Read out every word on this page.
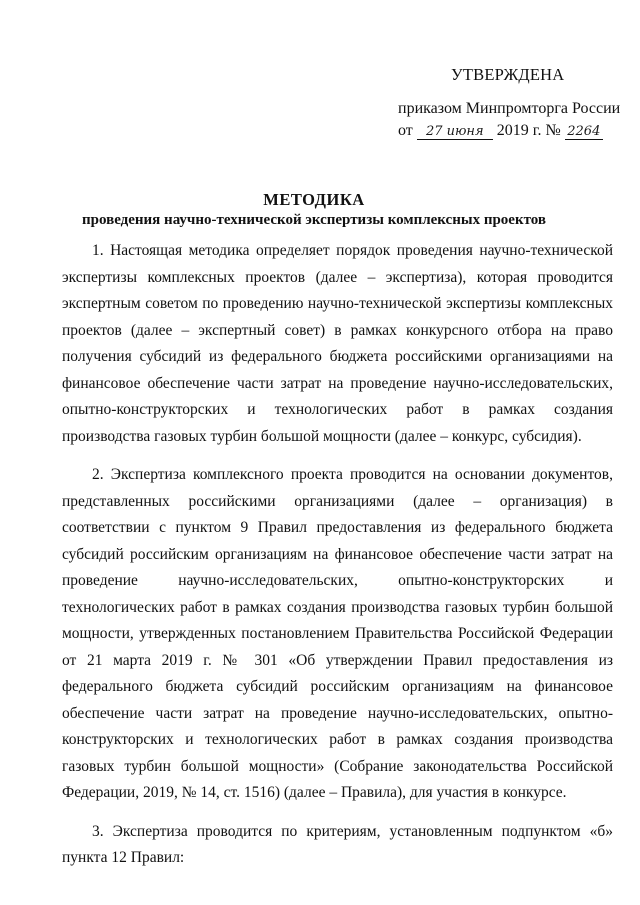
УТВЕРЖДЕНА
приказом Минпромторга России
от 27 июня 2019 г. № 2264
МЕТОДИКА
проведения научно-технической экспертизы комплексных проектов

1. Настоящая методика определяет порядок проведения научно-технической экспертизы комплексных проектов (далее – экспертиза), которая проводится экспертным советом по проведению научно-технической экспертизы комплексных проектов (далее – экспертный совет) в рамках конкурсного отбора на право получения субсидий из федерального бюджета российскими организациями на финансовое обеспечение части затрат на проведение научно-исследовательских, опытно-конструкторских и технологических работ в рамках создания производства газовых турбин большой мощности (далее – конкурс, субсидия).

2. Экспертиза комплексного проекта проводится на основании документов, представленных российскими организациями (далее – организация) в соответствии с пунктом 9 Правил предоставления из федерального бюджета субсидий российским организациям на финансовое обеспечение части затрат на проведение научно-исследовательских, опытно-конструкторских и технологических работ в рамках создания производства газовых турбин большой мощности, утвержденных постановлением Правительства Российской Федерации от 21 марта 2019 г. № 301 «Об утверждении Правил предоставления из федерального бюджета субсидий российским организациям на финансовое обеспечение части затрат на проведение научно-исследовательских, опытно-конструкторских и технологических работ в рамках создания производства газовых турбин большой мощности» (Собрание законодательства Российской Федерации, 2019, № 14, ст. 1516) (далее – Правила), для участия в конкурсе.

3. Экспертиза проводится по критериям, установленным подпунктом «б» пункта 12 Правил:
